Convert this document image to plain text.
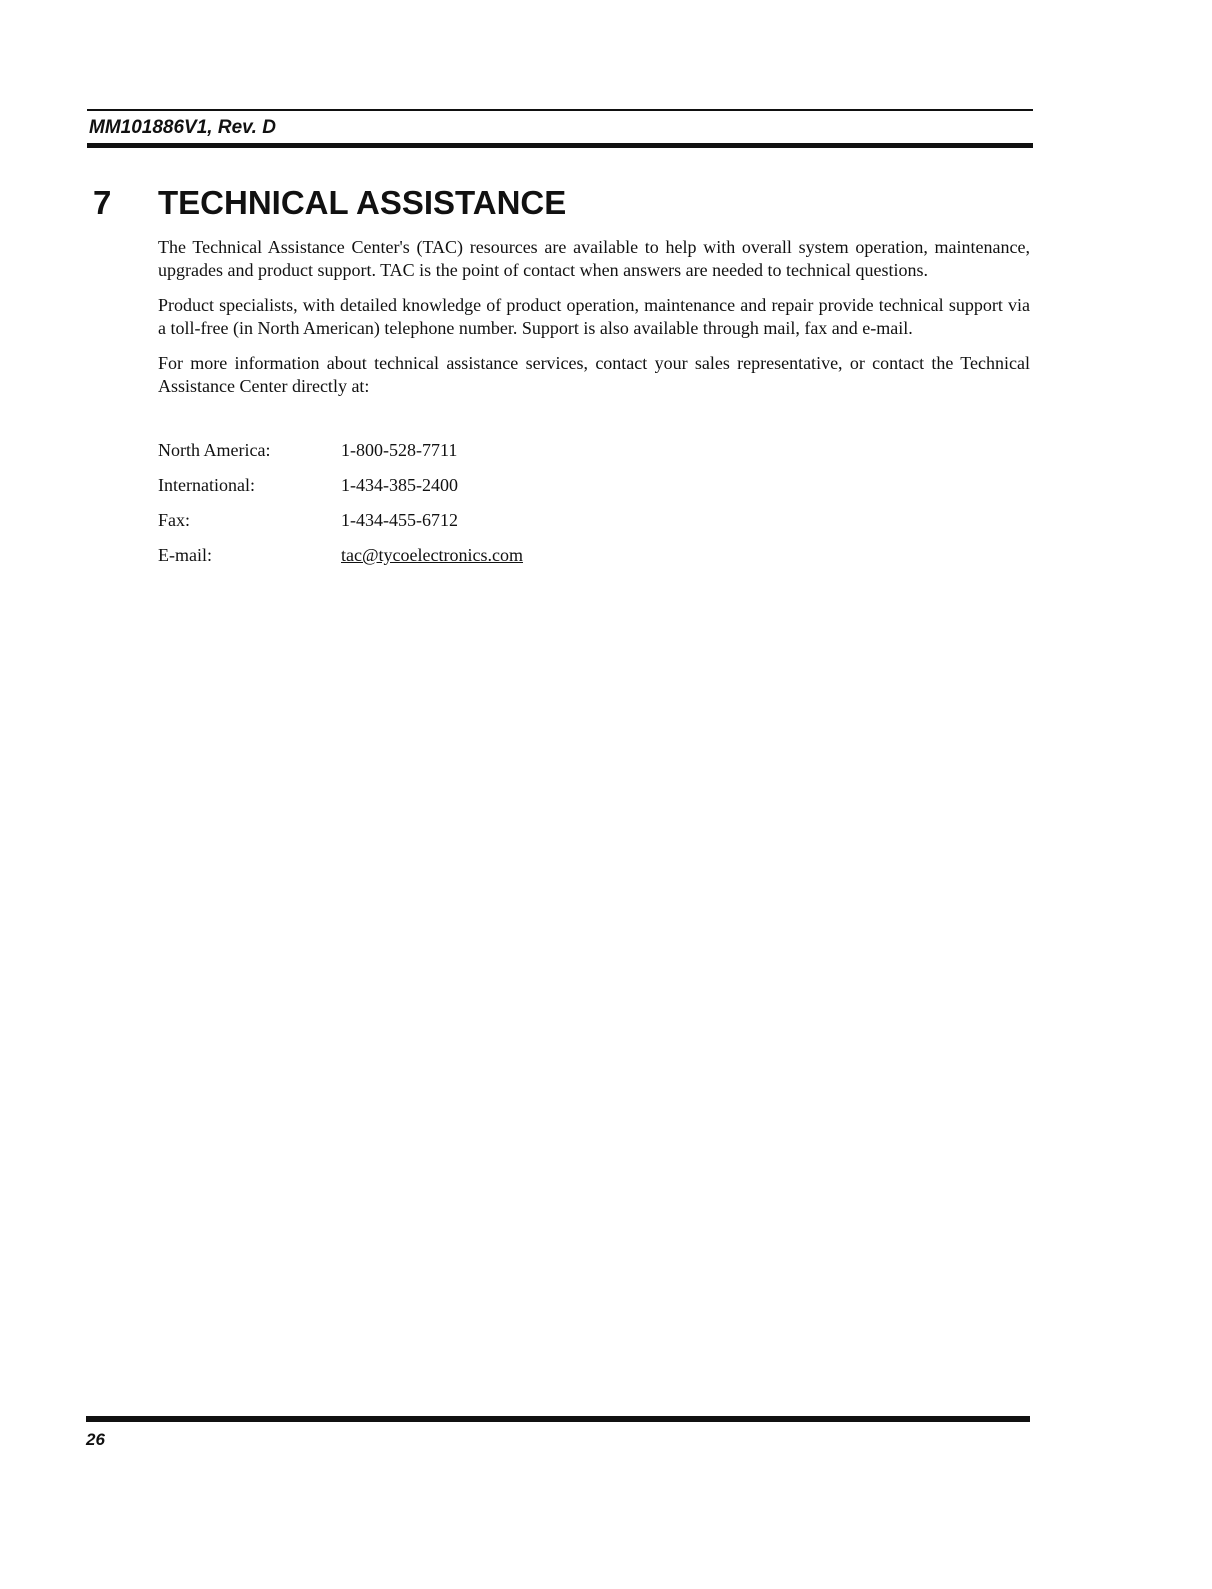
MM101886V1, Rev. D
7 TECHNICAL ASSISTANCE

The Technical Assistance Center's (TAC) resources are available to help with overall system operation, maintenance, upgrades and product support. TAC is the point of contact when answers are needed to technical questions.

Product specialists, with detailed knowledge of product operation, maintenance and repair provide technical support via a toll-free (in North American) telephone number. Support is also available through mail, fax and e-mail.

For more information about technical assistance services, contact your sales representative, or contact the Technical Assistance Center directly at:

North America:	1-800-528-7711
International:	1-434-385-2400
Fax:	1-434-455-6712
E-mail:	tac@tycoelectronics.com
26
